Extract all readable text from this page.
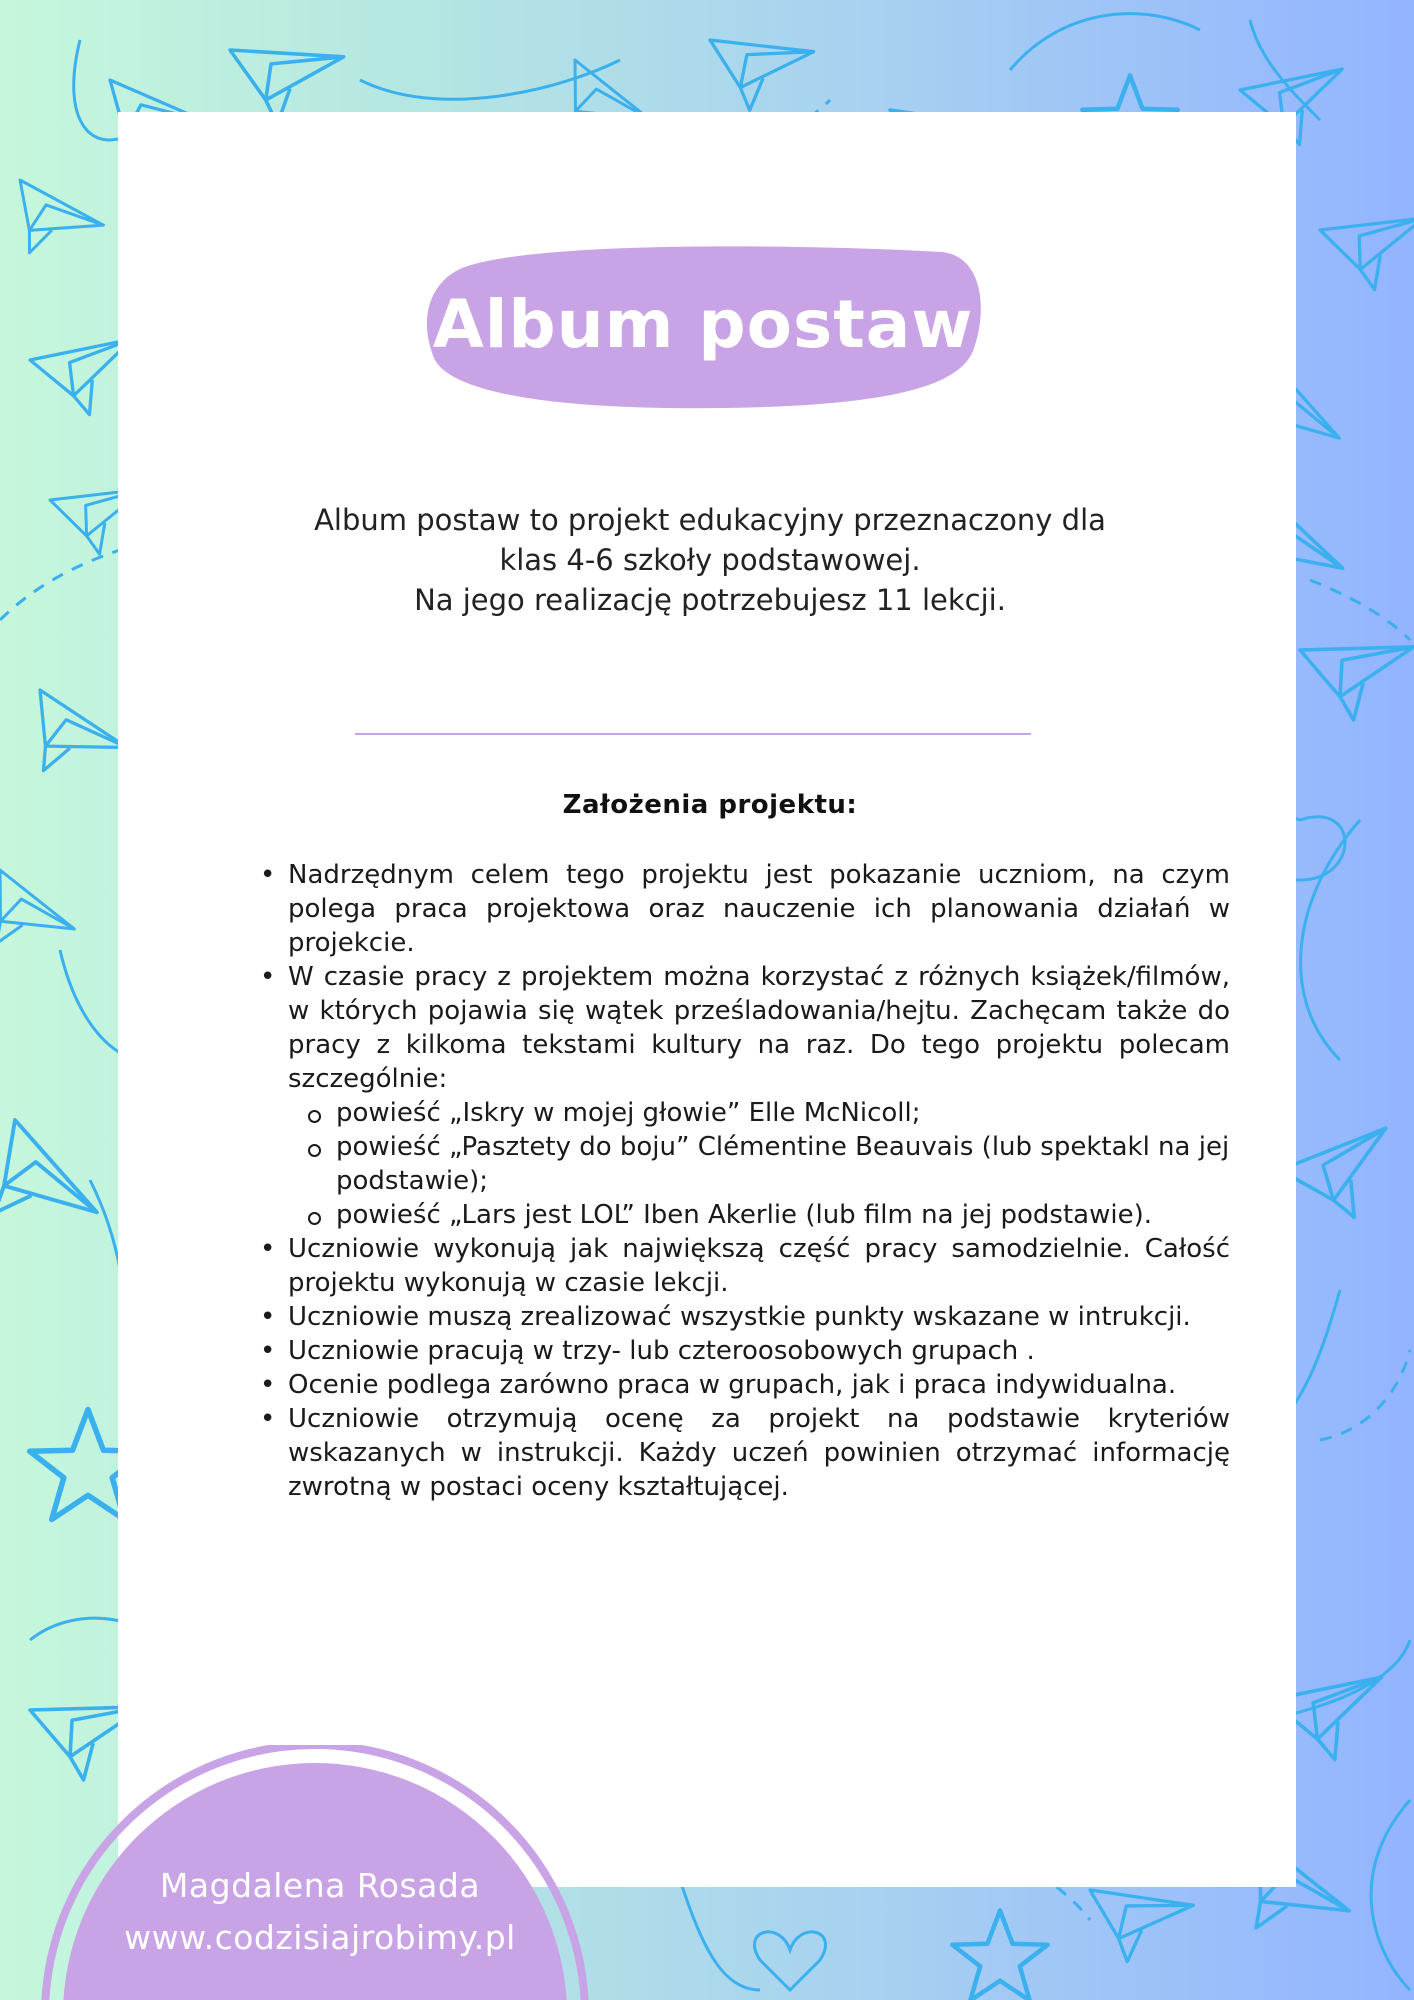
Album postaw
Album postaw to projekt edukacyjny przeznaczony dla
klas 4-6 szkoły podstawowej.
Na jego realizację potrzebujesz 11 lekcji.
Założenia projektu:
• Nadrzędnym celem tego projektu jest pokazanie uczniom, na czym polega praca projektowa oraz nauczenie ich planowania działań w projekcie.
• W czasie pracy z projektem można korzystać z różnych książek/filmów, w których pojawia się wątek prześladowania/hejtu. Zachęcam także do pracy z kilkoma tekstami kultury na raz. Do tego projektu polecam szczególnie:
powieść „Iskry w mojej głowie” Elle McNicoll;
powieść „Pasztety do boju” Clémentine Beauvais (lub spektakl na jej podstawie);
powieść „Lars jest LOL” Iben Akerlie (lub film na jej podstawie).
• Uczniowie wykonują jak największą część pracy samodzielnie. Całość projektu wykonują w czasie lekcji.
• Uczniowie muszą zrealizować wszystkie punkty wskazane w intrukcji.
• Uczniowie pracują w trzy- lub czteroosobowych grupach .
• Ocenie podlega zarówno praca w grupach, jak i praca indywidualna.
• Uczniowie otrzymują ocenę za projekt na podstawie kryteriów wskazanych w instrukcji. Każdy uczeń powinien otrzymać informację zwrotną w postaci oceny kształtującej.
Magdalena Rosada
www.codzisiajrobimy.pl
